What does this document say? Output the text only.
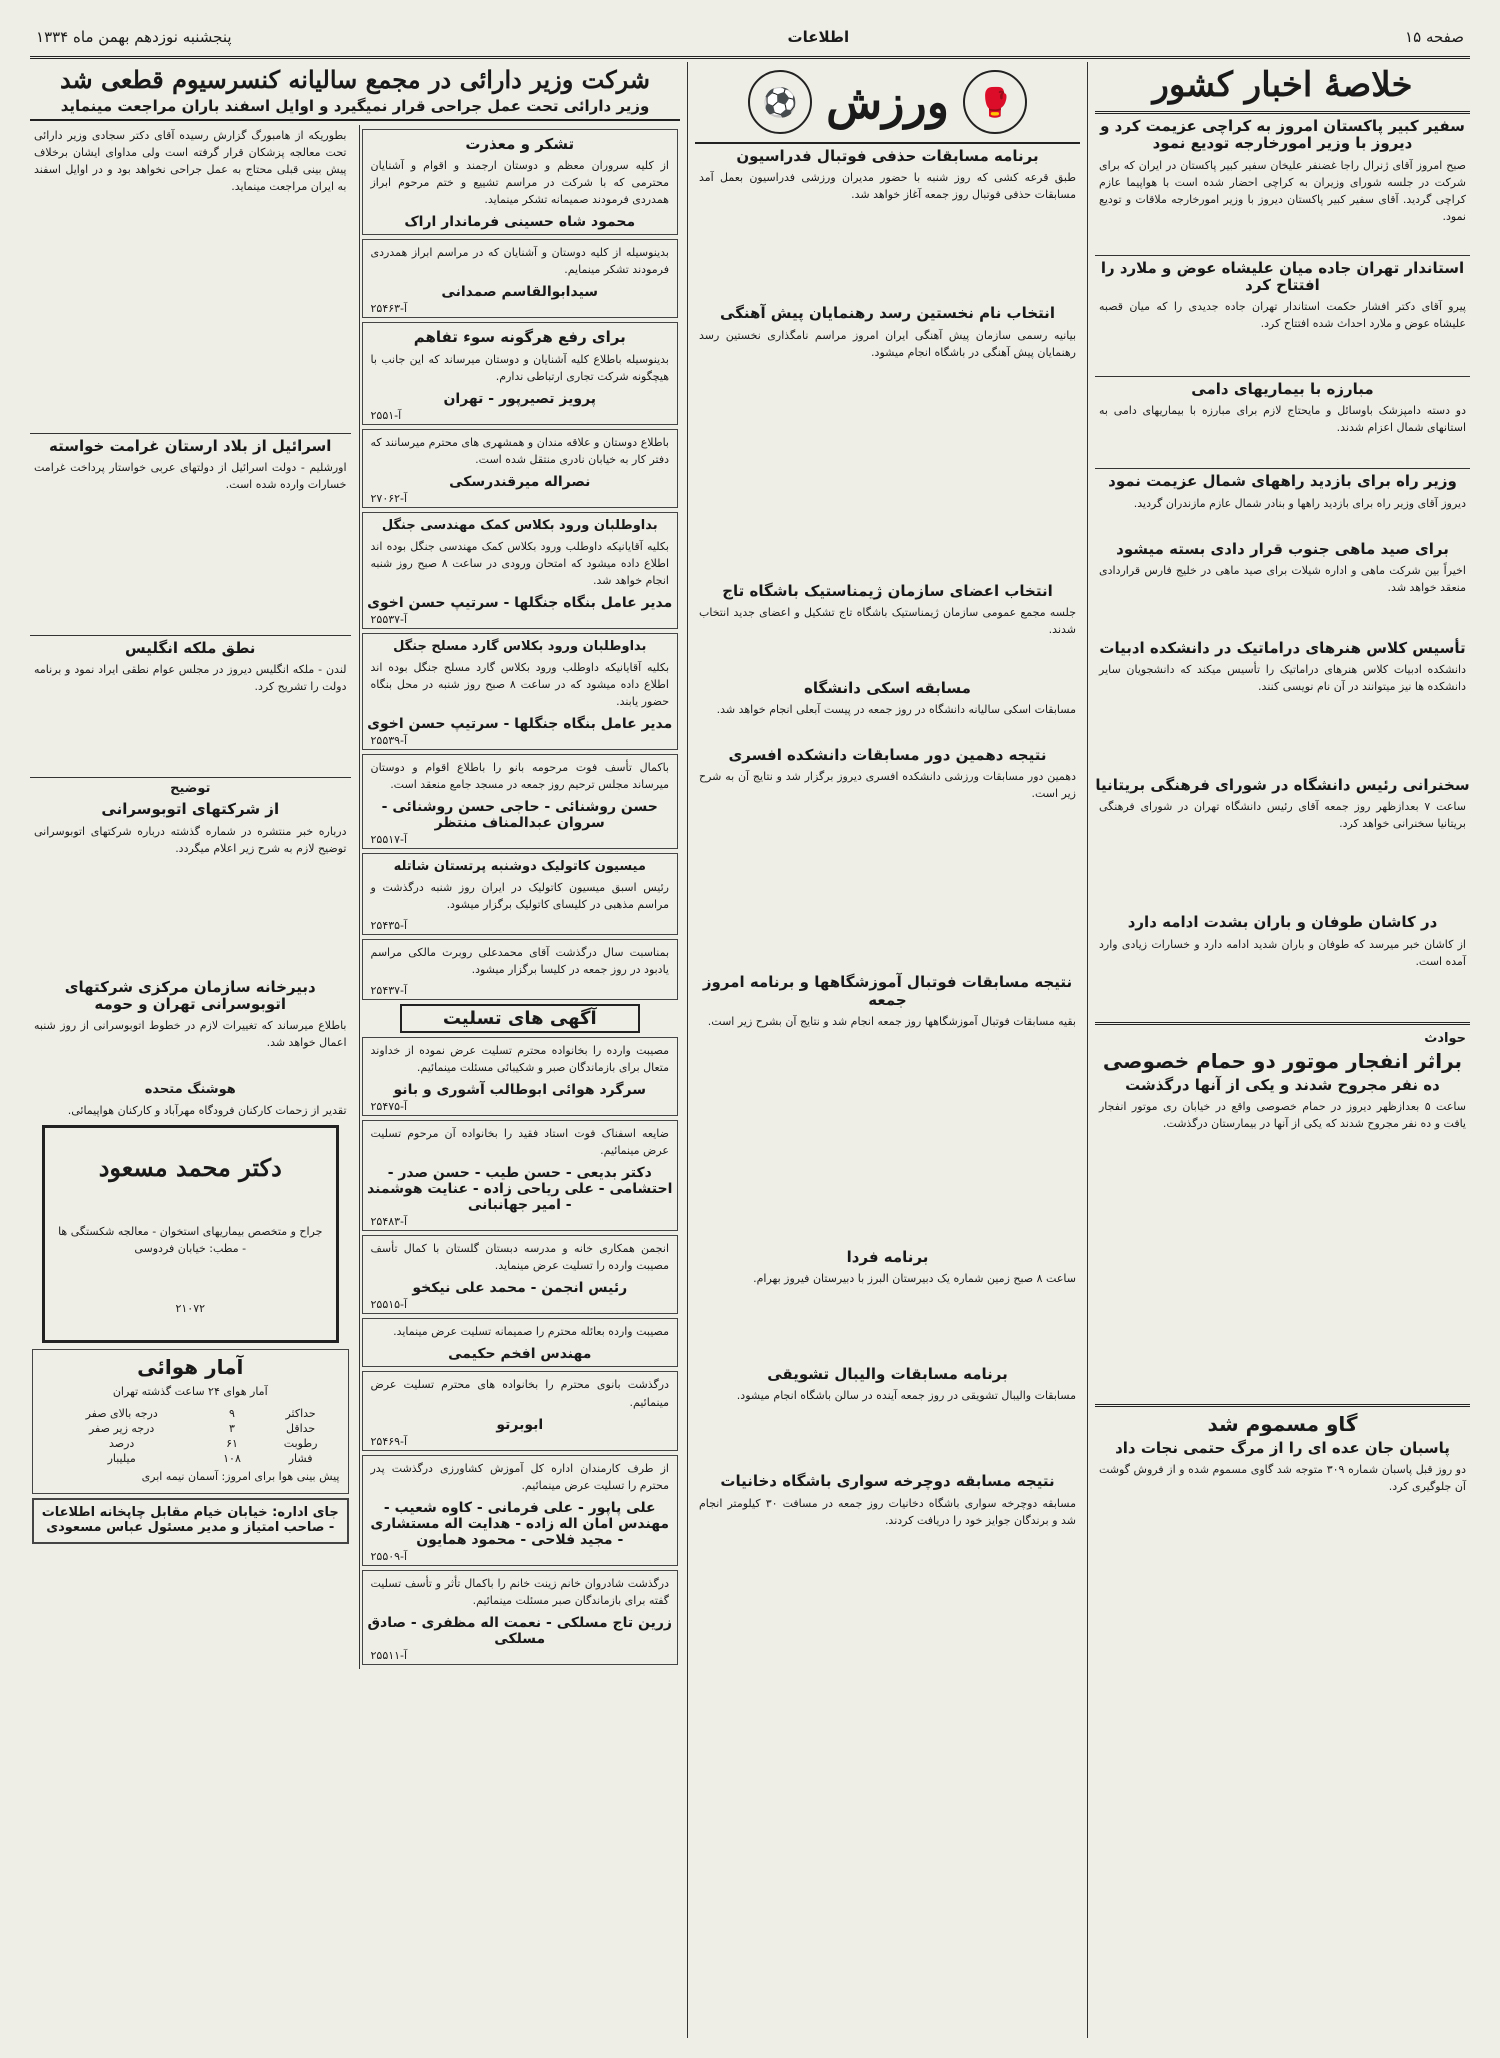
صفحه ۱۵
اطلاعات
پنجشنبه نوزدهم بهمن ماه ۱۳۳۴
خلاصهٔ اخبار کشور
سفیر کبیر پاکستان امروز به کراچی عزیمت کرد و دیروز با وزیر امورخارجه تودیع نمود
صبح امروز آقای ژنرال راجا غضنفر علیخان سفیر کبیر پاکستان در ایران که برای شرکت در جلسه شورای وزیران به کراچی احضار شده است با هواپیما عازم کراچی گردید. آقای سفیر کبیر پاکستان دیروز با وزیر امورخارجه ملاقات و تودیع نمود.
استاندار تهران جاده میان علیشاه عوض و ملارد را افتتاح کرد
پیرو آقای دکتر افشار حکمت استاندار تهران جاده جدیدی را که میان قصبه علیشاه عوض و ملارد احداث شده افتتاح کرد.
مبارزه با بیماریهای دامی
دو دسته دامپزشک باوسائل و مایحتاج لازم برای مبارزه با بیماریهای دامی به استانهای شمال اعزام شدند.
وزیر راه برای بازدید راههای شمال عزیمت نمود
دیروز آقای وزیر راه برای بازدید راهها و بنادر شمال عازم مازندران گردید.
برای صید ماهی جنوب قرار دادی بسته میشود
اخیراً بین شرکت ماهی و اداره شیلات برای صید ماهی در خلیج فارس قراردادی منعقد خواهد شد.
تأسیس کلاس هنرهای دراماتیک در دانشکده ادبیات
دانشکده ادبیات کلاس هنرهای دراماتیک را تأسیس میکند که دانشجویان سایر دانشکده ها نیز میتوانند در آن نام نویسی کنند.
سخنرانی رئیس دانشگاه در شورای فرهنگی بریتانیا
ساعت ۷ بعدازظهر روز جمعه آقای رئیس دانشگاه تهران در شورای فرهنگی بریتانیا سخنرانی خواهد کرد.
در کاشان طوفان و باران بشدت ادامه دارد
از کاشان خبر میرسد که طوفان و باران شدید ادامه دارد و خسارات زیادی وارد آمده است.
حوادث
براثر انفجار موتور دو حمام خصوصی
ده نفر مجروح شدند و یکی از آنها درگذشت
ساعت ۵ بعدازظهر دیروز در حمام خصوصی واقع در خیابان ری موتور انفجار یافت و ده نفر مجروح شدند که یکی از آنها در بیمارستان درگذشت.
گاو مسموم شد
پاسبان جان عده ای را از مرگ حتمی نجات داد
دو روز قبل پاسبان شماره ۳۰۹ متوجه شد گاوی مسموم شده و از فروش گوشت آن جلوگیری کرد.
🥊
ورزش
⚽
برنامه مسابقات حذفی فوتبال فدراسیون
طبق قرعه کشی که روز شنبه با حضور مدیران ورزشی فدراسیون بعمل آمد مسابقات حذفی فوتبال روز جمعه آغاز خواهد شد.
انتخاب نام نخستین رسد رهنمایان پیش آهنگی
بیانیه رسمی سازمان پیش آهنگی ایران امروز مراسم نامگذاری نخستین رسد رهنمایان پیش آهنگی در باشگاه انجام میشود.
انتخاب اعضای سازمان ژیمناستیک باشگاه تاج
جلسه مجمع عمومی سازمان ژیمناستیک باشگاه تاج تشکیل و اعضای جدید انتخاب شدند.
مسابقه اسکی دانشگاه
مسابقات اسکی سالیانه دانشگاه در روز جمعه در پیست آبعلی انجام خواهد شد.
نتیجه دهمین دور مسابقات دانشکده افسری
دهمین دور مسابقات ورزشی دانشکده افسری دیروز برگزار شد و نتایج آن به شرح زیر است.
نتیجه مسابقات فوتبال آموزشگاهها و برنامه امروز جمعه
بقیه مسابقات فوتبال آموزشگاهها روز جمعه انجام شد و نتایج آن بشرح زیر است.
برنامه فردا
ساعت ۸ صبح زمین شماره یک دبیرستان البرز با دبیرستان فیروز بهرام.
برنامه مسابقات والیبال تشویقی
مسابقات والیبال تشویقی در روز جمعه آینده در سالن باشگاه انجام میشود.
نتیجه مسابقه دوچرخه سواری باشگاه دخانیات
مسابقه دوچرخه سواری باشگاه دخانیات روز جمعه در مسافت ۳۰ کیلومتر انجام شد و برندگان جوایز خود را دریافت کردند.
شرکت وزیر دارائی در مجمع سالیانه کنسرسیوم قطعی شد
وزیر دارائی تحت عمل جراحی قرار نمیگیرد و اوایل اسفند باران مراجعت مینماید
تشکر و معذرت
از کلیه سروران معظم و دوستان ارجمند و اقوام و آشنایان محترمی که با شرکت در مراسم تشییع و ختم مرحوم ابراز همدردی فرمودند صمیمانه تشکر مینماید.
محمود شاه حسینی فرماندار اراک
بدینوسیله از کلیه دوستان و آشنایان که در مراسم ابراز همدردی فرمودند تشکر مینمایم.
سیدابوالقاسم صمدانی
آ-۲۵۴۶۳
برای رفع هرگونه سوء تفاهم
بدینوسیله باطلاع کلیه آشنایان و دوستان میرساند که این جانب با هیچگونه شرکت تجاری ارتباطی ندارم.
پرویز تصیرپور - تهران
آ-۲۵۵۱
باطلاع دوستان و علاقه مندان و همشهری های محترم میرسانند که دفتر کار به خیابان نادری منتقل شده است.
نصراله میرقندرسکی
آ-۲۷۰۶۲
بداوطلبان ورود بکلاس کمک مهندسی جنگل
بکلیه آقایانیکه داوطلب ورود بکلاس کمک مهندسی جنگل بوده اند اطلاع داده میشود که امتحان ورودی در ساعت ۸ صبح روز شنبه انجام خواهد شد.
مدیر عامل بنگاه جنگلها - سرتیپ حسن اخوی
آ-۲۵۵۳۷
بداوطلبان ورود بکلاس گارد مسلح جنگل
بکلیه آقایانیکه داوطلب ورود بکلاس گارد مسلح جنگل بوده اند اطلاع داده میشود که در ساعت ۸ صبح روز شنبه در محل بنگاه حضور یابند.
مدیر عامل بنگاه جنگلها - سرتیپ حسن اخوی
آ-۲۵۵۳۹
باکمال تأسف فوت مرحومه بانو را باطلاع اقوام و دوستان میرساند مجلس ترحیم روز جمعه در مسجد جامع منعقد است.
حسن روشنائی - حاجی حسن روشنائی - سروان عبدالمناف منتظر
آ-۲۵۵۱۷
میسیون کاتولیک دوشنبه پرتستان شاتله
رئیس اسبق میسیون کاتولیک در ایران روز شنبه درگذشت و مراسم مذهبی در کلیسای کاتولیک برگزار میشود.
آ-۲۵۴۳۵
بمناسبت سال درگذشت آقای محمدعلی روبرت مالکی مراسم یادبود در روز جمعه در کلیسا برگزار میشود.
آ-۲۵۴۳۷
آگهی های تسلیت
مصیبت وارده را بخانواده محترم تسلیت عرض نموده از خداوند متعال برای بازماندگان صبر و شکیبائی مسئلت مینمائیم.
سرگرد هوائی ابوطالب آشوری و بانو
آ-۲۵۴۷۵
ضایعه اسفناک فوت استاد فقید را بخانواده آن مرحوم تسلیت عرض مینمائیم.
دکتر بدیعی - حسن طیب - حسن صدر - احتشامی - علی ریاحی زاده - عنایت هوشمند - امیر جهانبانی
آ-۲۵۴۸۳
انجمن همکاری خانه و مدرسه دبستان گلستان با کمال تأسف مصیبت وارده را تسلیت عرض مینماید.
رئیس انجمن - محمد علی نیکخو
آ-۲۵۵۱۵
مصیبت وارده بعائله محترم را صمیمانه تسلیت عرض مینماید.
مهندس افخم حکیمی
درگذشت بانوی محترم را بخانواده های محترم تسلیت عرض مینمائیم.
ابوبرتو
آ-۲۵۴۶۹
از طرف کارمندان اداره کل آموزش کشاورزی درگذشت پدر محترم را تسلیت عرض مینمائیم.
علی پاپور - علی فرمانی - کاوه شعیب - مهندس امان اله زاده - هدایت اله مستشاری - مجید فلاحی - محمود همایون
آ-۲۵۵۰۹
درگذشت شادروان خانم زینت خانم را باکمال تأثر و تأسف تسلیت گفته برای بازماندگان صبر مسئلت مینمائیم.
زرین تاج مسلکی - نعمت اله مظفری - صادق مسلکی
آ-۲۵۵۱۱
بطوریکه از هامبورگ گزارش رسیده آقای دکتر سجادی وزیر دارائی تحت معالجه پزشکان قرار گرفته است ولی مداوای ایشان برخلاف پیش بینی قبلی محتاج به عمل جراحی نخواهد بود و در اوایل اسفند به ایران مراجعت مینماید.
اسرائیل از بلاد ارستان غرامت خواسته
اورشلیم - دولت اسرائیل از دولتهای عربی خواستار پرداخت غرامت خسارات وارده شده است.
نطق ملکه انگلیس
لندن - ملکه انگلیس دیروز در مجلس عوام نطقی ایراد نمود و برنامه دولت را تشریح کرد.
توضیح
از شرکتهای اتوبوسرانی
درباره خبر منتشره در شماره گذشته درباره شرکتهای اتوبوسرانی توضیح لازم به شرح زیر اعلام میگردد.
دبیرخانه سازمان مرکزی شرکتهای اتوبوسرانی تهران و حومه
باطلاع میرساند که تغییرات لازم در خطوط اتوبوسرانی از روز شنبه اعمال خواهد شد.
هوشنگ متحده
تقدیر از زحمات کارکنان فرودگاه مهرآباد و کارکنان هواپیمائی.
دکتر محمد مسعود
جراح و متخصص بیماریهای استخوان - معالجه شکستگی ها - مطب: خیابان فردوسی
۲۱۰۷۲
آمار هوائی
آمار هوای ۲۴ ساعت گذشته تهران
حداکثر	۹	درجه بالای صفر
حداقل	۳	درجه زیر صفر
رطوبت	۶۱	درصد
فشار	۱۰۸	میلیبار
پیش بینی هوا برای امروز: آسمان نیمه ابری
جای اداره: خیابان خیام مقابل چاپخانه اطلاعات - صاحب امتیاز و مدیر مسئول عباس مسعودی
